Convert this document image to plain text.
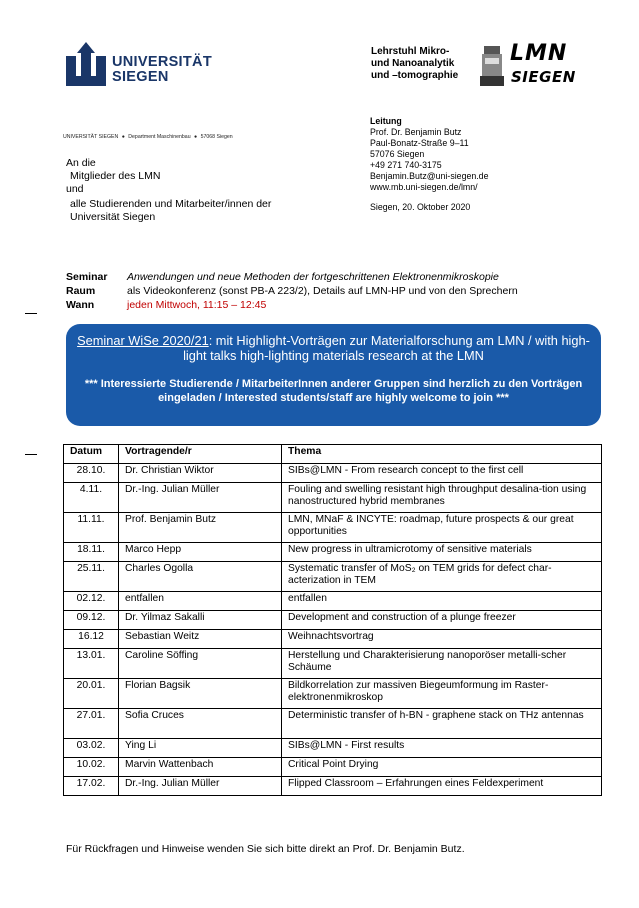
UNIVERSITÄT
SIEGEN
Lehrstuhl Mikro-
und Nanoanalytik
und –tomographie
LMN
SIEGEN
UNIVERSITÄT SIEGEN ● Department Maschinenbau ● 57068 Siegen
An die
Mitglieder des LMN
und
alle Studierenden und Mitarbeiter/innen der
Universität Siegen
Leitung
Prof. Dr. Benjamin Butz
Paul-Bonatz-Straße 9–11
57076 Siegen
+49 271 740-3175
Benjamin.Butz@uni-siegen.de
www.mb.uni-siegen.de/lmn/
Siegen, 20. Oktober 2020
Seminar	Anwendungen und neue Methoden der fortgeschrittenen Elektronenmikroskopie
Raum	als Videokonferenz (sonst PB-A 223/2), Details auf LMN-HP und von den Sprechern
Wann	jeden Mittwoch, 11:15 – 12:45
Seminar WiSe 2020/21: mit Highlight-Vorträgen zur Materialforschung am LMN / with high-light talks high-lighting materials research at the LMN
*** Interessierte Studierende / MitarbeiterInnen anderer Gruppen sind herzlich zu den Vorträgen eingeladen / Interested students/staff are highly welcome to join ***
Datum	Vortragende/r	Thema
28.10.	Dr. Christian Wiktor	SIBs@LMN - From research concept to the first cell
4.11.	Dr.-Ing. Julian Müller	Fouling and swelling resistant high throughput desalina-tion using nanostructured hybrid membranes
11.11.	Prof. Benjamin Butz	LMN, MNaF & INCYTE: roadmap, future prospects & our great opportunities
18.11.	Marco Hepp	New progress in ultramicrotomy of sensitive materials
25.11.	Charles Ogolla	Systematic transfer of MoS₂ on TEM grids for defect char-acterization in TEM
02.12.	entfallen	entfallen
09.12.	Dr. Yilmaz Sakalli	Development and construction of a plunge freezer
16.12	Sebastian Weitz	Weihnachtsvortrag
13.01.	Caroline Söffing	Herstellung und Charakterisierung nanoporöser metalli-scher Schäume
20.01.	Florian Bagsik	Bildkorrelation zur massiven Biegeumformung im Raster-elektronenmikroskop
27.01.	Sofia Cruces	Deterministic transfer of h-BN - graphene stack on THz antennas
03.02.	Ying Li	SIBs@LMN - First results
10.02.	Marvin Wattenbach	Critical Point Drying
17.02.	Dr.-Ing. Julian Müller	Flipped Classroom – Erfahrungen eines Feldexperiment
Für Rückfragen und Hinweise wenden Sie sich bitte direkt an Prof. Dr. Benjamin Butz.
